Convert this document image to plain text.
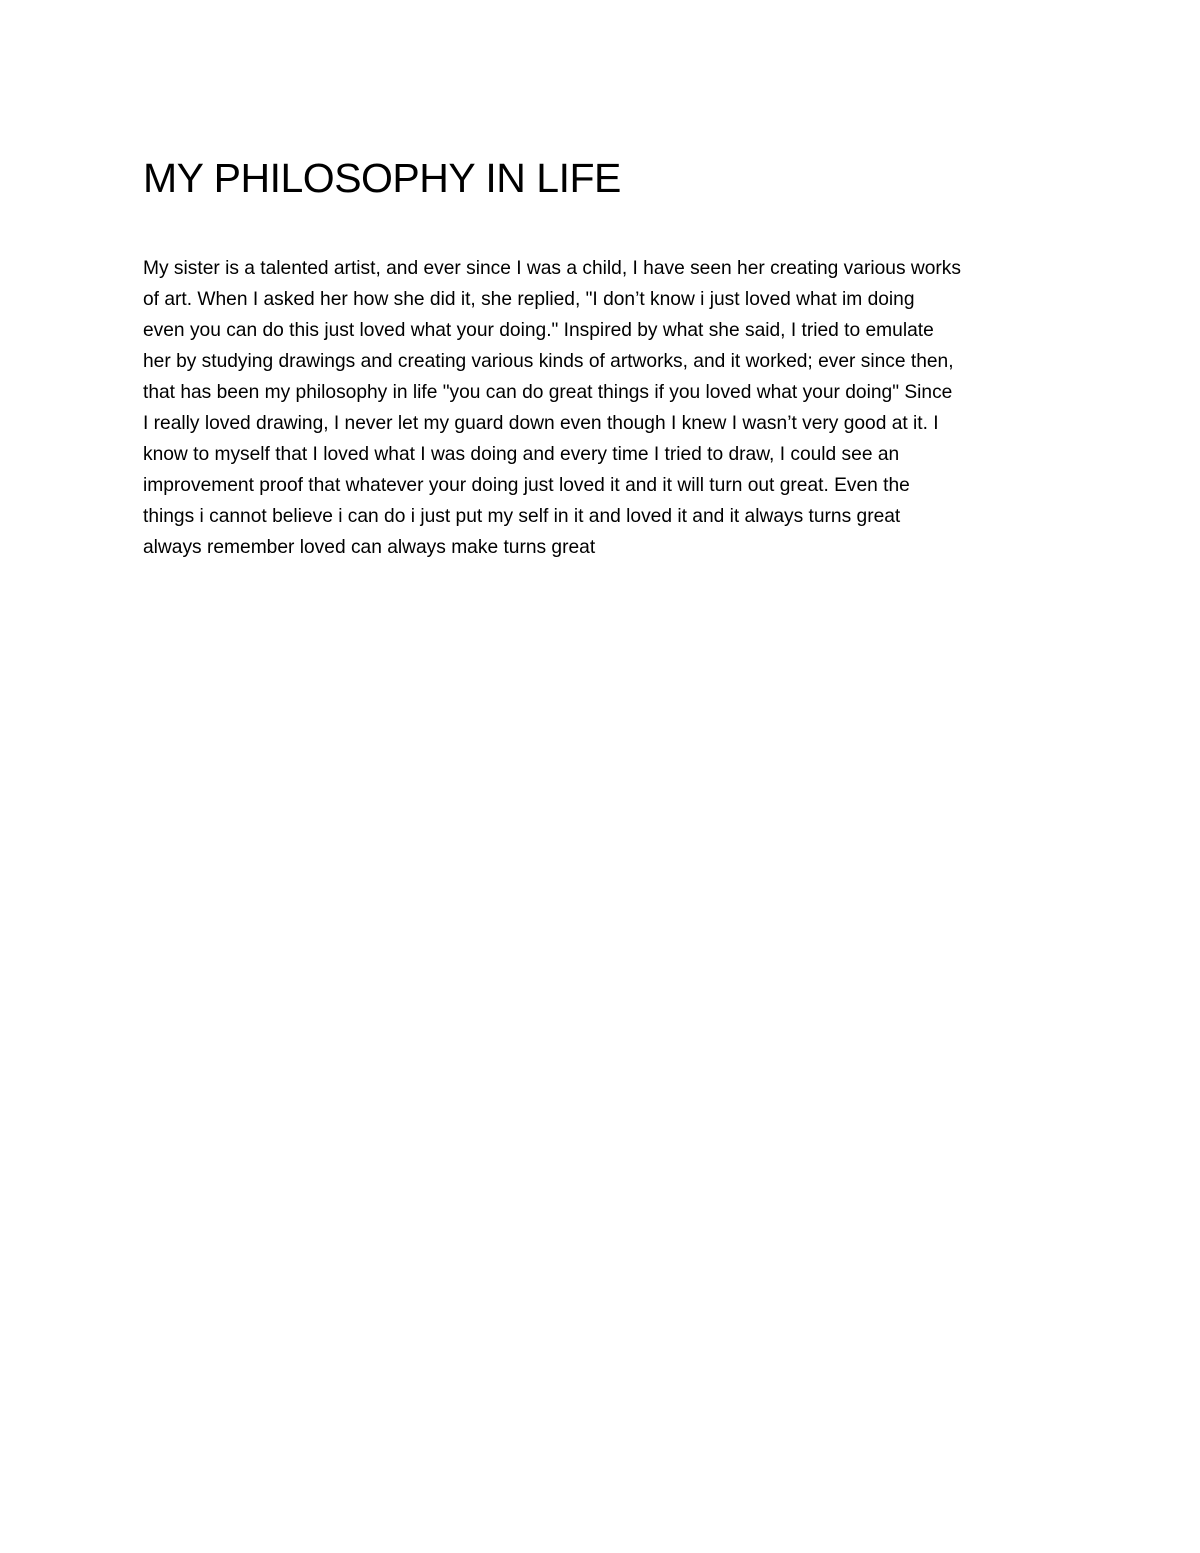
MY PHILOSOPHY IN LIFE

My sister is a talented artist, and ever since I was a child, I have seen her creating various works
of art. When I asked her how she did it, she replied, "I don’t know i just loved what im doing
even you can do this just loved what your doing." Inspired by what she said, I tried to emulate
her by studying drawings and creating various kinds of artworks, and it worked; ever since then,
that has been my philosophy in life "you can do great things if you loved what your doing" Since
I really loved drawing, I never let my guard down even though I knew I wasn’t very good at it. I
know to myself that I loved what I was doing and every time I tried to draw, I could see an
improvement proof that whatever your doing just loved it and it will turn out great. Even the
things i cannot believe i can do i just put my self in it and loved it and it always turns great
always remember loved can always make turns great
